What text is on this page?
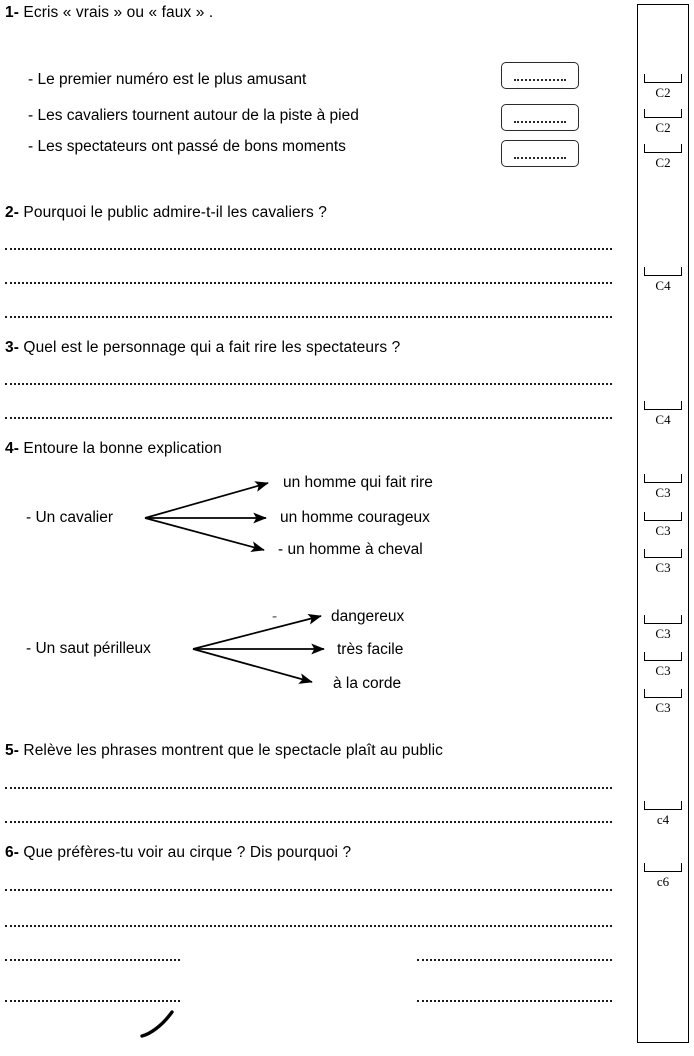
1- Ecris « vrais » ou « faux » .
- Le premier numéro est le plus amusant
- Les cavaliers tournent autour de la piste à pied
- Les spectateurs ont passé de bons moments
2- Pourquoi le public admire-t-il les cavaliers ?
3- Quel est le personnage qui a fait rire les spectateurs ?
4- Entoure la bonne explication
- Un cavalier
un homme qui fait rire
un homme courageux
- un homme à cheval
- Un saut périlleux
-	dangereux
très facile
à la corde
5- Relève les phrases montrent que le spectacle plaît au public
6- Que préfères-tu voir au cirque ? Dis pourquoi ?
C2
C2
C2
C4
C4
C3
C3
C3
C3
C3
C3
c4
c6
